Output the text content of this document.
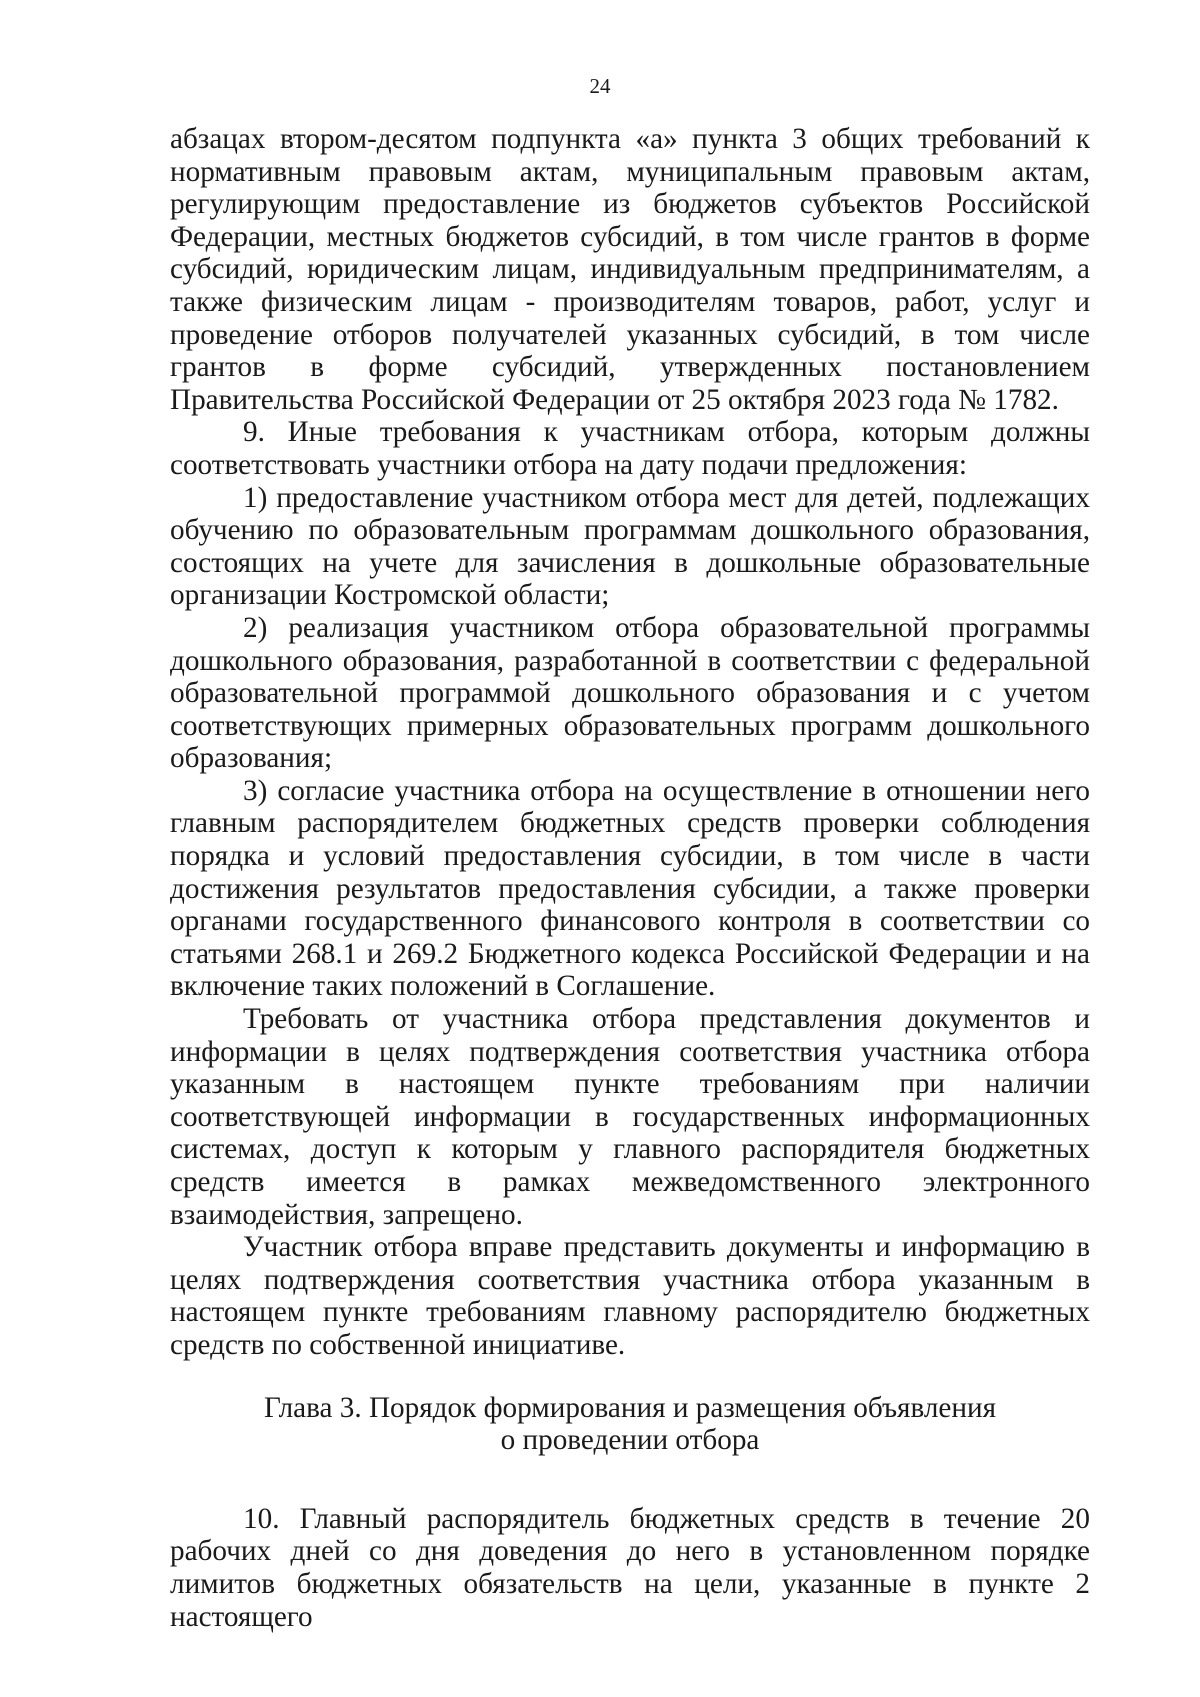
24

абзацах втором-десятом подпункта «а» пункта 3 общих требований к нормативным правовым актам, муниципальным правовым актам, регулирующим предоставление из бюджетов субъектов Российской Федерации, местных бюджетов субсидий, в том числе грантов в форме субсидий, юридическим лицам, индивидуальным предпринимателям, а также физическим лицам - производителям товаров, работ, услуг и проведение отборов получателей указанных субсидий, в том числе грантов в форме субсидий, утвержденных постановлением Правительства Российской Федерации от 25 октября 2023 года № 1782.

9. Иные требования к участникам отбора, которым должны соответствовать участники отбора на дату подачи предложения:

1) предоставление участником отбора мест для детей, подлежащих обучению по образовательным программам дошкольного образования, состоящих на учете для зачисления в дошкольные образовательные организации Костромской области;

2) реализация участником отбора образовательной программы дошкольного образования, разработанной в соответствии с федеральной образовательной программой дошкольного образования и с учетом соответствующих примерных образовательных программ дошкольного образования;

3) согласие участника отбора на осуществление в отношении него главным распорядителем бюджетных средств проверки соблюдения порядка и условий предоставления субсидии, в том числе в части достижения результатов предоставления субсидии, а также проверки органами государственного финансового контроля в соответствии со статьями 268.1 и 269.2 Бюджетного кодекса Российской Федерации и на включение таких положений в Соглашение.

Требовать от участника отбора представления документов и информации в целях подтверждения соответствия участника отбора указанным в настоящем пункте требованиям при наличии соответствующей информации в государственных информационных системах, доступ к которым у главного распорядителя бюджетных средств имеется в рамках межведомственного электронного взаимодействия, запрещено.

Участник отбора вправе представить документы и информацию в целях подтверждения соответствия участника отбора указанным в настоящем пункте требованиям главному распорядителю бюджетных средств по собственной инициативе.

Глава 3. Порядок формирования и размещения объявления
о проведении отбора

10. Главный распорядитель бюджетных средств в течение 20 рабочих дней со дня доведения до него в установленном порядке лимитов бюджетных обязательств на цели, указанные в пункте 2 настоящего
